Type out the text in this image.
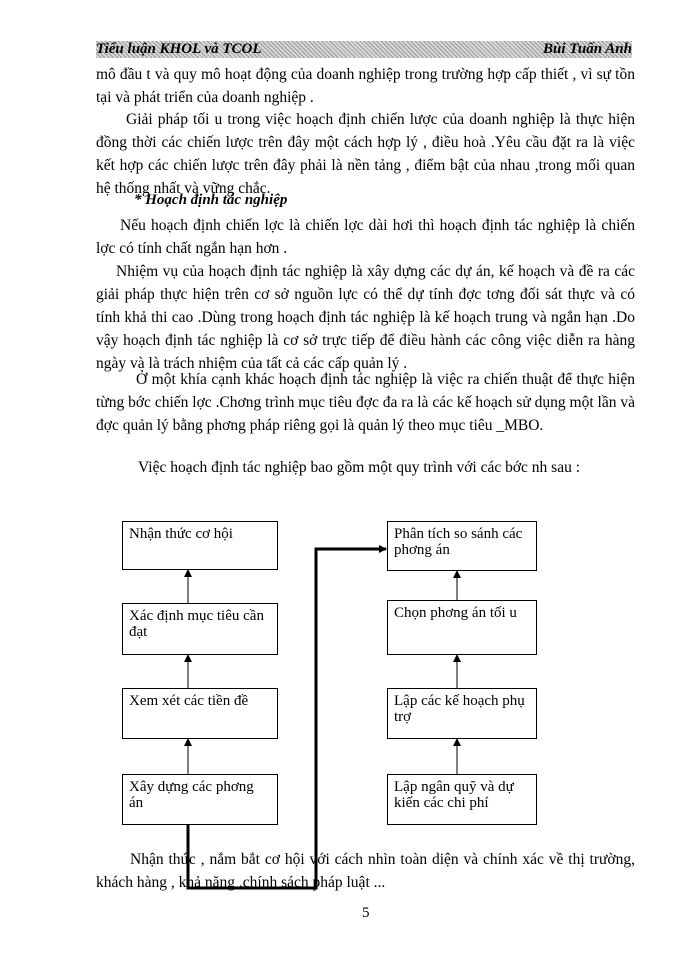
Tiểu luận KHOL và TCOL	Bùi Tuấn Anh
mô đầu t và quy mô hoạt động của doanh nghiệp trong trường hợp cấp thiết , vì sự tồn tại và phát triển của doanh nghiệp .
Giải pháp tối u trong việc hoạch định chiến lược của doanh nghiệp là thực hiện đồng thời các chiến lược trên đây một cách hợp lý , điều hoà .Yêu cầu đặt ra là việc kết hợp các chiến lược trên đây phải là nền tảng , điểm bật của nhau ,trong mối quan hệ thống nhất và vững chắc.
* Hoạch định tác nghiệp
Nếu hoạch định chiến lợc là chiến lợc dài hơi thì hoạch định tác nghiệp là chiến lợc có tính chất ngắn hạn hơn .
Nhiệm vụ của hoạch định tác nghiệp là xây dựng các dự án, kế hoạch và đề ra các giải pháp thực hiện trên cơ sở nguồn lực có thể dự tính đợc tơng đối sát thực và có tính khả thi cao .Dùng trong hoạch định tác nghiệp là kế hoạch trung và ngắn hạn .Do vậy hoạch định tác nghiệp là cơ sở trực tiếp để điều hành các công việc diễn ra hàng ngày và là trách nhiệm của tất cả các cấp quản lý .
Ở một khía cạnh khác hoạch định tác nghiệp là việc ra chiến thuật để thực hiện từng bớc chiến lợc .Chơng trình mục tiêu đợc đa ra là các kế hoạch sử dụng một lần và đợc quản lý bằng phơng pháp riêng gọi là quản lý theo mục tiêu _MBO.
Việc hoạch định tác nghiệp bao gồm một quy trình với các bớc nh sau :
Nhận thức cơ hội
Xác định mục tiêu cần đạt
Xem xét các tiền đề
Xây dựng các phơng án
Phân tích so sánh các phơng án
Chọn phơng án tối u
Lập các kế hoạch phụ trợ
Lập ngân quỹ và dự kiến các chi phí
Nhận thức , nắm bắt cơ hội với cách nhìn toàn diện và chính xác về thị trường, khách hàng , khả năng ,chính sách pháp luật ...
5
